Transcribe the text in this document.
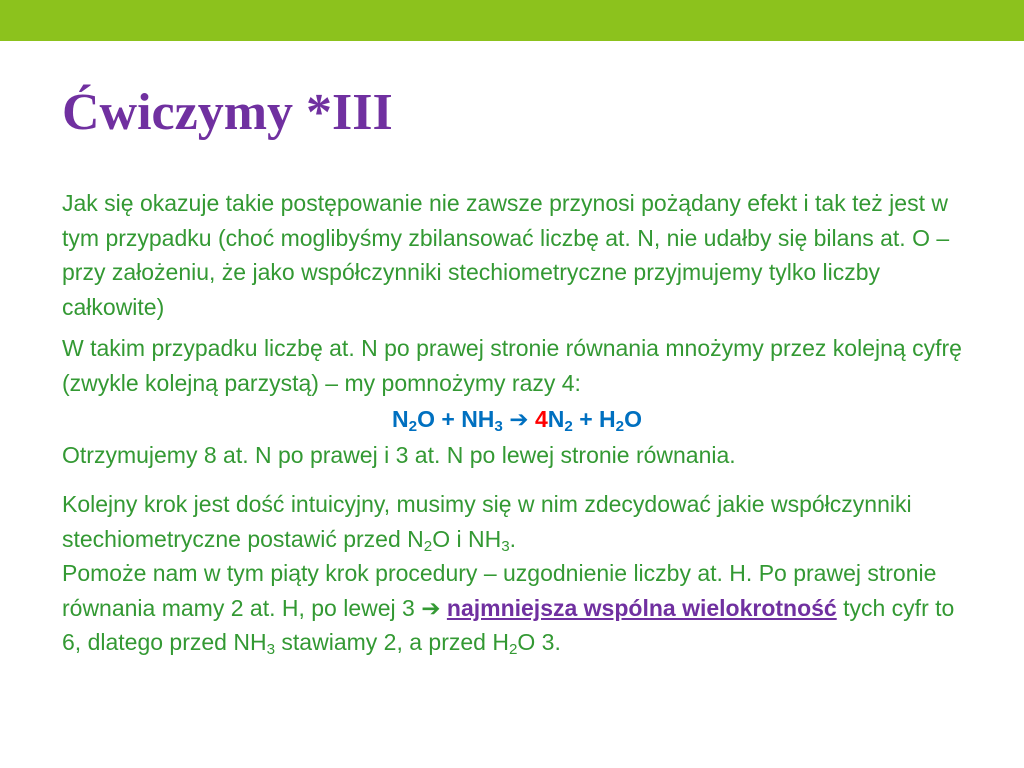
Ćwiczymy *III

Jak się okazuje takie postępowanie nie zawsze przynosi pożądany efekt i tak też jest w tym przypadku (choć moglibyśmy zbilansować liczbę at. N, nie udałby się bilans at. O – przy założeniu, że jako współczynniki stechiometryczne przyjmujemy tylko liczby całkowite)

W takim przypadku liczbę at. N po prawej stronie równania mnożymy przez kolejną cyfrę (zwykle kolejną parzystą) – my pomnożymy razy 4:

$N_2O + NH_3$ ➔ $4N_2 + H_2O$

Otrzymujemy 8 at. N po prawej i 3 at. N po lewej stronie równania.

Kolejny krok jest dość intuicyjny, musimy się w nim zdecydować jakie współczynniki stechiometryczne postawić przed $N_2O$ i $NH_3$.

Pomoże nam w tym piąty krok procedury – uzgodnienie liczby at. H. Po prawej stronie równania mamy 2 at. H, po lewej 3 ➔ najmniejsza wspólna wielokrotność tych cyfr to 6, dlatego przed $NH_3$ stawiamy 2, a przed $H_2O$ 3.
